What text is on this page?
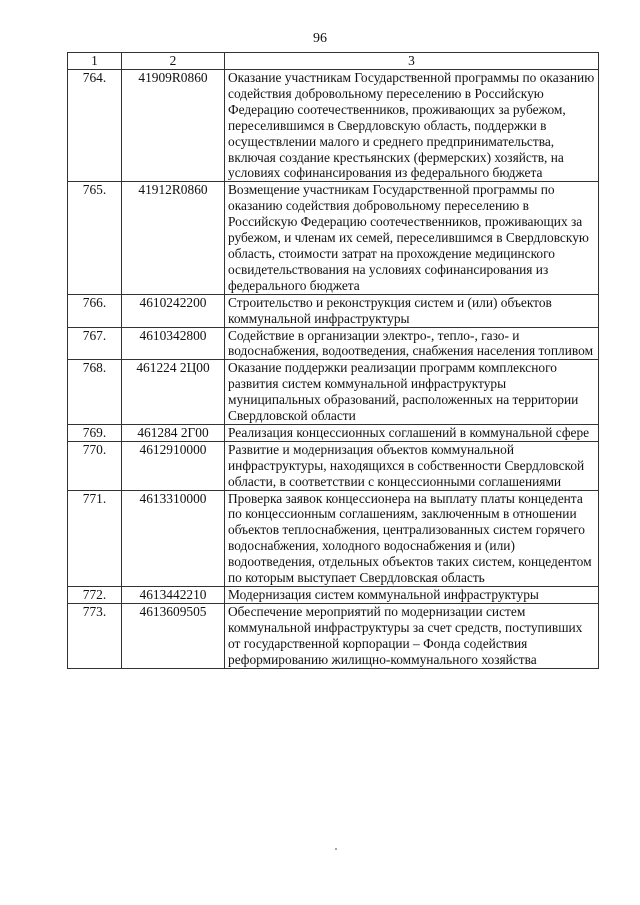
96
1	2	3
764.	41909R0860	Оказание участникам Государственной программы по оказанию содействия добровольному переселению в Российскую Федерацию соотечественников, проживающих за рубежом, переселившимся в Свердловскую область, поддержки в осуществлении малого и среднего предпринимательства, включая создание крестьянских (фермерских) хозяйств, на условиях софинансирования из федерального бюджета
765.	41912R0860	Возмещение участникам Государственной программы по оказанию содействия добровольному переселению в Российскую Федерацию соотечественников, проживающих за рубежом, и членам их семей, переселившимся в Свердловскую область, стоимости затрат на прохождение медицинского освидетельствования на условиях софинансирования из федерального бюджета
766.	4610242200	Строительство и реконструкция систем и (или) объектов коммунальной инфраструктуры
767.	4610342800	Содействие в организации электро-, тепло-, газо- и водоснабжения, водоотведения, снабжения населения топливом
768.	461224 2Ц00	Оказание поддержки реализации программ комплексного развития систем коммунальной инфраструктуры муниципальных образований, расположенных на территории Свердловской области
769.	461284 2Г00	Реализация концессионных соглашений в коммунальной сфере
770.	4612910000	Развитие и модернизация объектов коммунальной инфраструктуры, находящихся в собственности Свердловской области, в соответствии с концессионными соглашениями
771.	4613310000	Проверка заявок концессионера на выплату платы концедента по концессионным соглашениям, заключенным в отношении объектов теплоснабжения, централизованных систем горячего водоснабжения, холодного водоснабжения и (или) водоотведения, отдельных объектов таких систем, концедентом по которым выступает Свердловская область
772.	4613442210	Модернизация систем коммунальной инфраструктуры
773.	4613609505	Обеспечение мероприятий по модернизации систем коммунальной инфраструктуры за счет средств, поступивших от государственной корпорации – Фонда содействия реформированию жилищно-коммунального хозяйства
